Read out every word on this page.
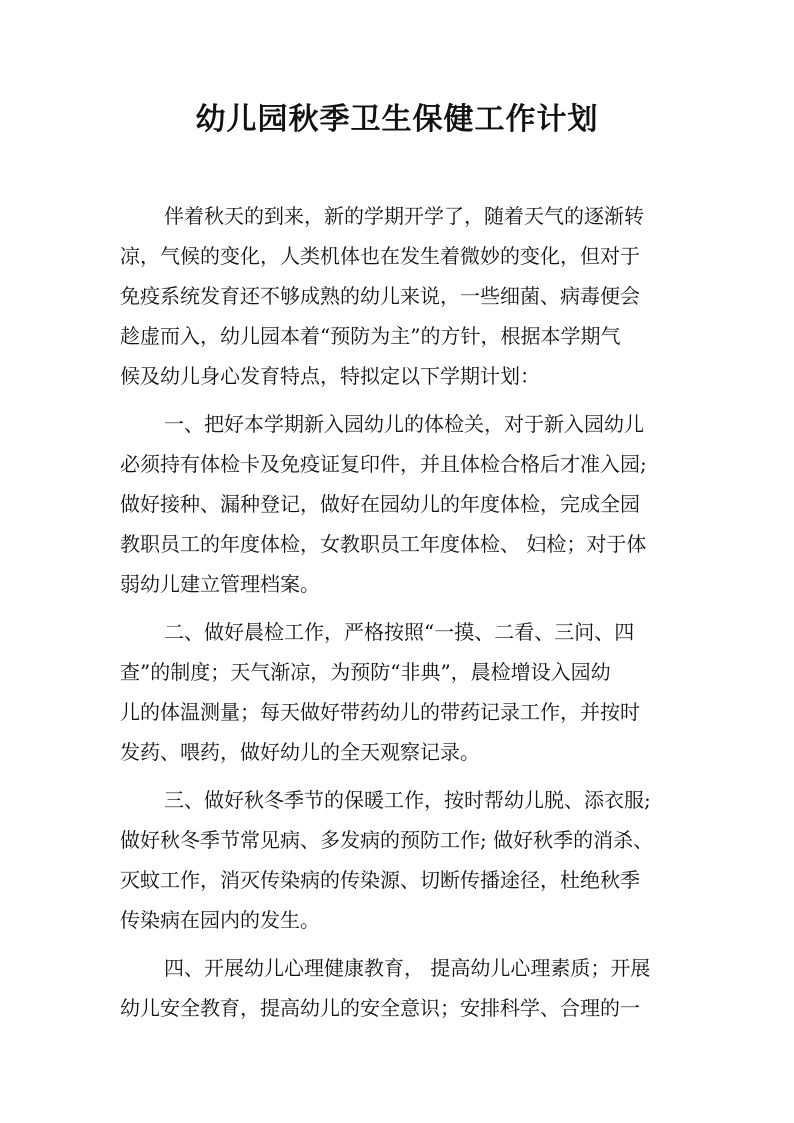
幼儿园秋季卫生保健工作计划
伴着秋天的到来，新的学期开学了，随着天气的逐渐转
凉，气候的变化，人类机体也在发生着微妙的变化，但对于
免疫系统发育还不够成熟的幼儿来说，一些细菌、病毒便会
趁虚而入，幼儿园本着“预防为主”的方针，根据本学期气
候及幼儿身心发育特点，特拟定以下学期计划：
一、把好本学期新入园幼儿的体检关，对于新入园幼儿
必须持有体检卡及免疫证复印件，并且体检合格后才准入园;
做好接种、漏种登记，做好在园幼儿的年度体检，完成全园
教职员工的年度体检，女教职员工年度体检、 妇检；对于体
弱幼儿建立管理档案。
二、做好晨检工作，严格按照“一摸、二看、三问、四
查”的制度；天气渐凉，为预防“非典”，晨检增设入园幼
儿的体温测量；每天做好带药幼儿的带药记录工作，并按时
发药、喂药，做好幼儿的全天观察记录。
三、做好秋冬季节的保暖工作，按时帮幼儿脱、添衣服;
做好秋冬季节常见病、多发病的预防工作; 做好秋季的消杀、
灭蚊工作，消灭传染病的传染源、切断传播途径，杜绝秋季
传染病在园内的发生。
四、开展幼儿心理健康教育， 提高幼儿心理素质；开展
幼儿安全教育，提高幼儿的安全意识；安排科学、合理的一
